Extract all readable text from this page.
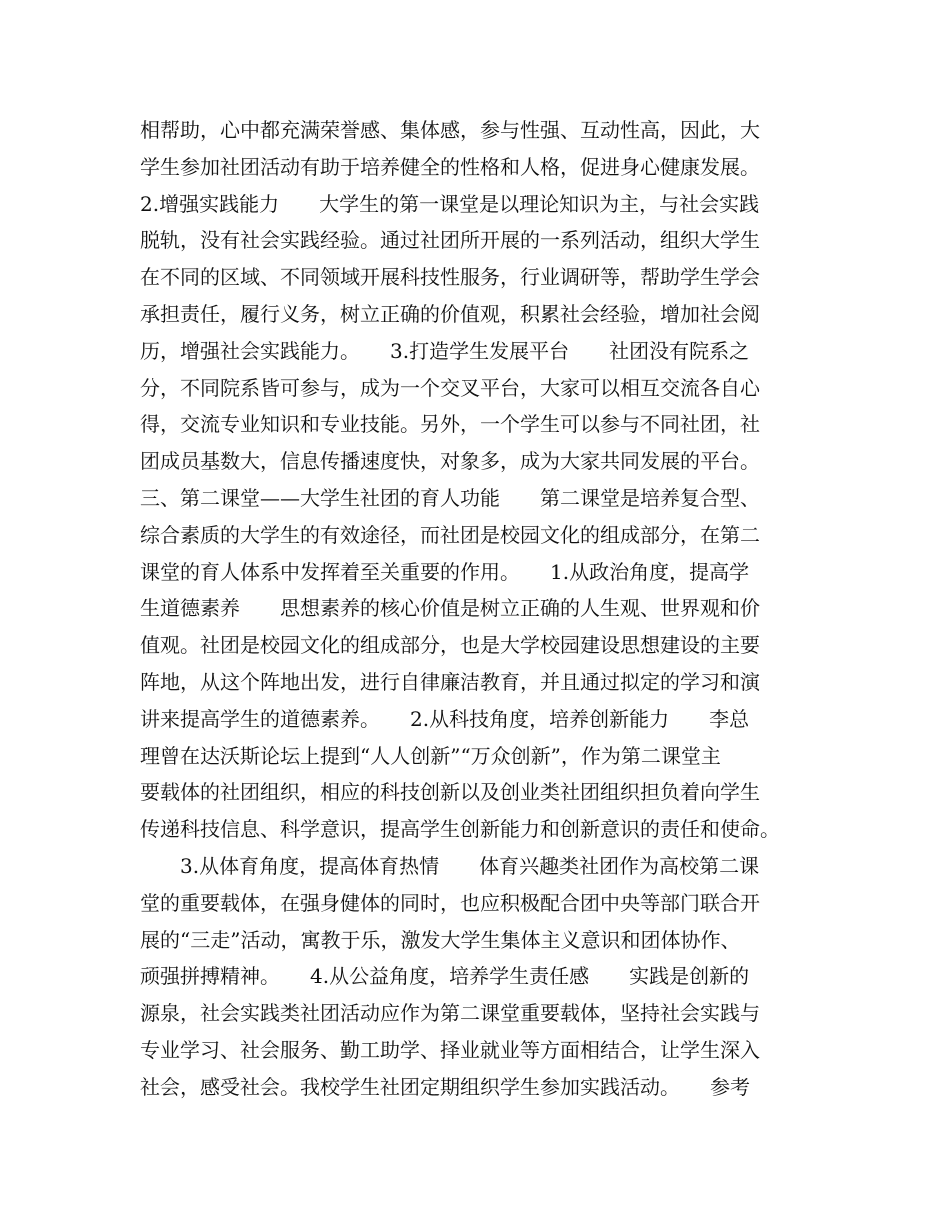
相帮助，心中都充满荣誉感、集体感，参与性强、互动性高，因此，大
学生参加社团活动有助于培养健全的性格和人格，促进身心健康发展。
2.增强实践能力　　大学生的第一课堂是以理论知识为主，与社会实践
脱轨，没有社会实践经验。通过社团所开展的一系列活动，组织大学生
在不同的区域、不同领域开展科技性服务，行业调研等，帮助学生学会
承担责任，履行义务，树立正确的价值观，积累社会经验，增加社会阅
历，增强社会实践能力。　　3.打造学生发展平台　　社团没有院系之
分，不同院系皆可参与，成为一个交叉平台，大家可以相互交流各自心
得，交流专业知识和专业技能。另外，一个学生可以参与不同社团，社
团成员基数大，信息传播速度快，对象多，成为大家共同发展的平台。
三、第二课堂——大学生社团的育人功能　　第二课堂是培养复合型、
综合素质的大学生的有效途径，而社团是校园文化的组成部分，在第二
课堂的育人体系中发挥着至关重要的作用。　　1.从政治角度，提高学
生道德素养　　思想素养的核心价值是树立正确的人生观、世界观和价
值观。社团是校园文化的组成部分，也是大学校园建设思想建设的主要
阵地，从这个阵地出发，进行自律廉洁教育，并且通过拟定的学习和演
讲来提高学生的道德素养。　　2.从科技角度，培养创新能力　　李总
理曾在达沃斯论坛上提到“人人创新”“万众创新”，作为第二课堂主
要载体的社团组织，相应的科技创新以及创业类社团组织担负着向学生
传递科技信息、科学意识，提高学生创新能力和创新意识的责任和使命。
　　3.从体育角度，提高体育热情　　体育兴趣类社团作为高校第二课
堂的重要载体，在强身健体的同时，也应积极配合团中央等部门联合开
展的“三走”活动，寓教于乐，激发大学生集体主义意识和团体协作、
顽强拼搏精神。　　4.从公益角度，培养学生责任感　　实践是创新的
源泉，社会实践类社团活动应作为第二课堂重要载体，坚持社会实践与
专业学习、社会服务、勤工助学、择业就业等方面相结合，让学生深入
社会，感受社会。我校学生社团定期组织学生参加实践活动。　　参考
